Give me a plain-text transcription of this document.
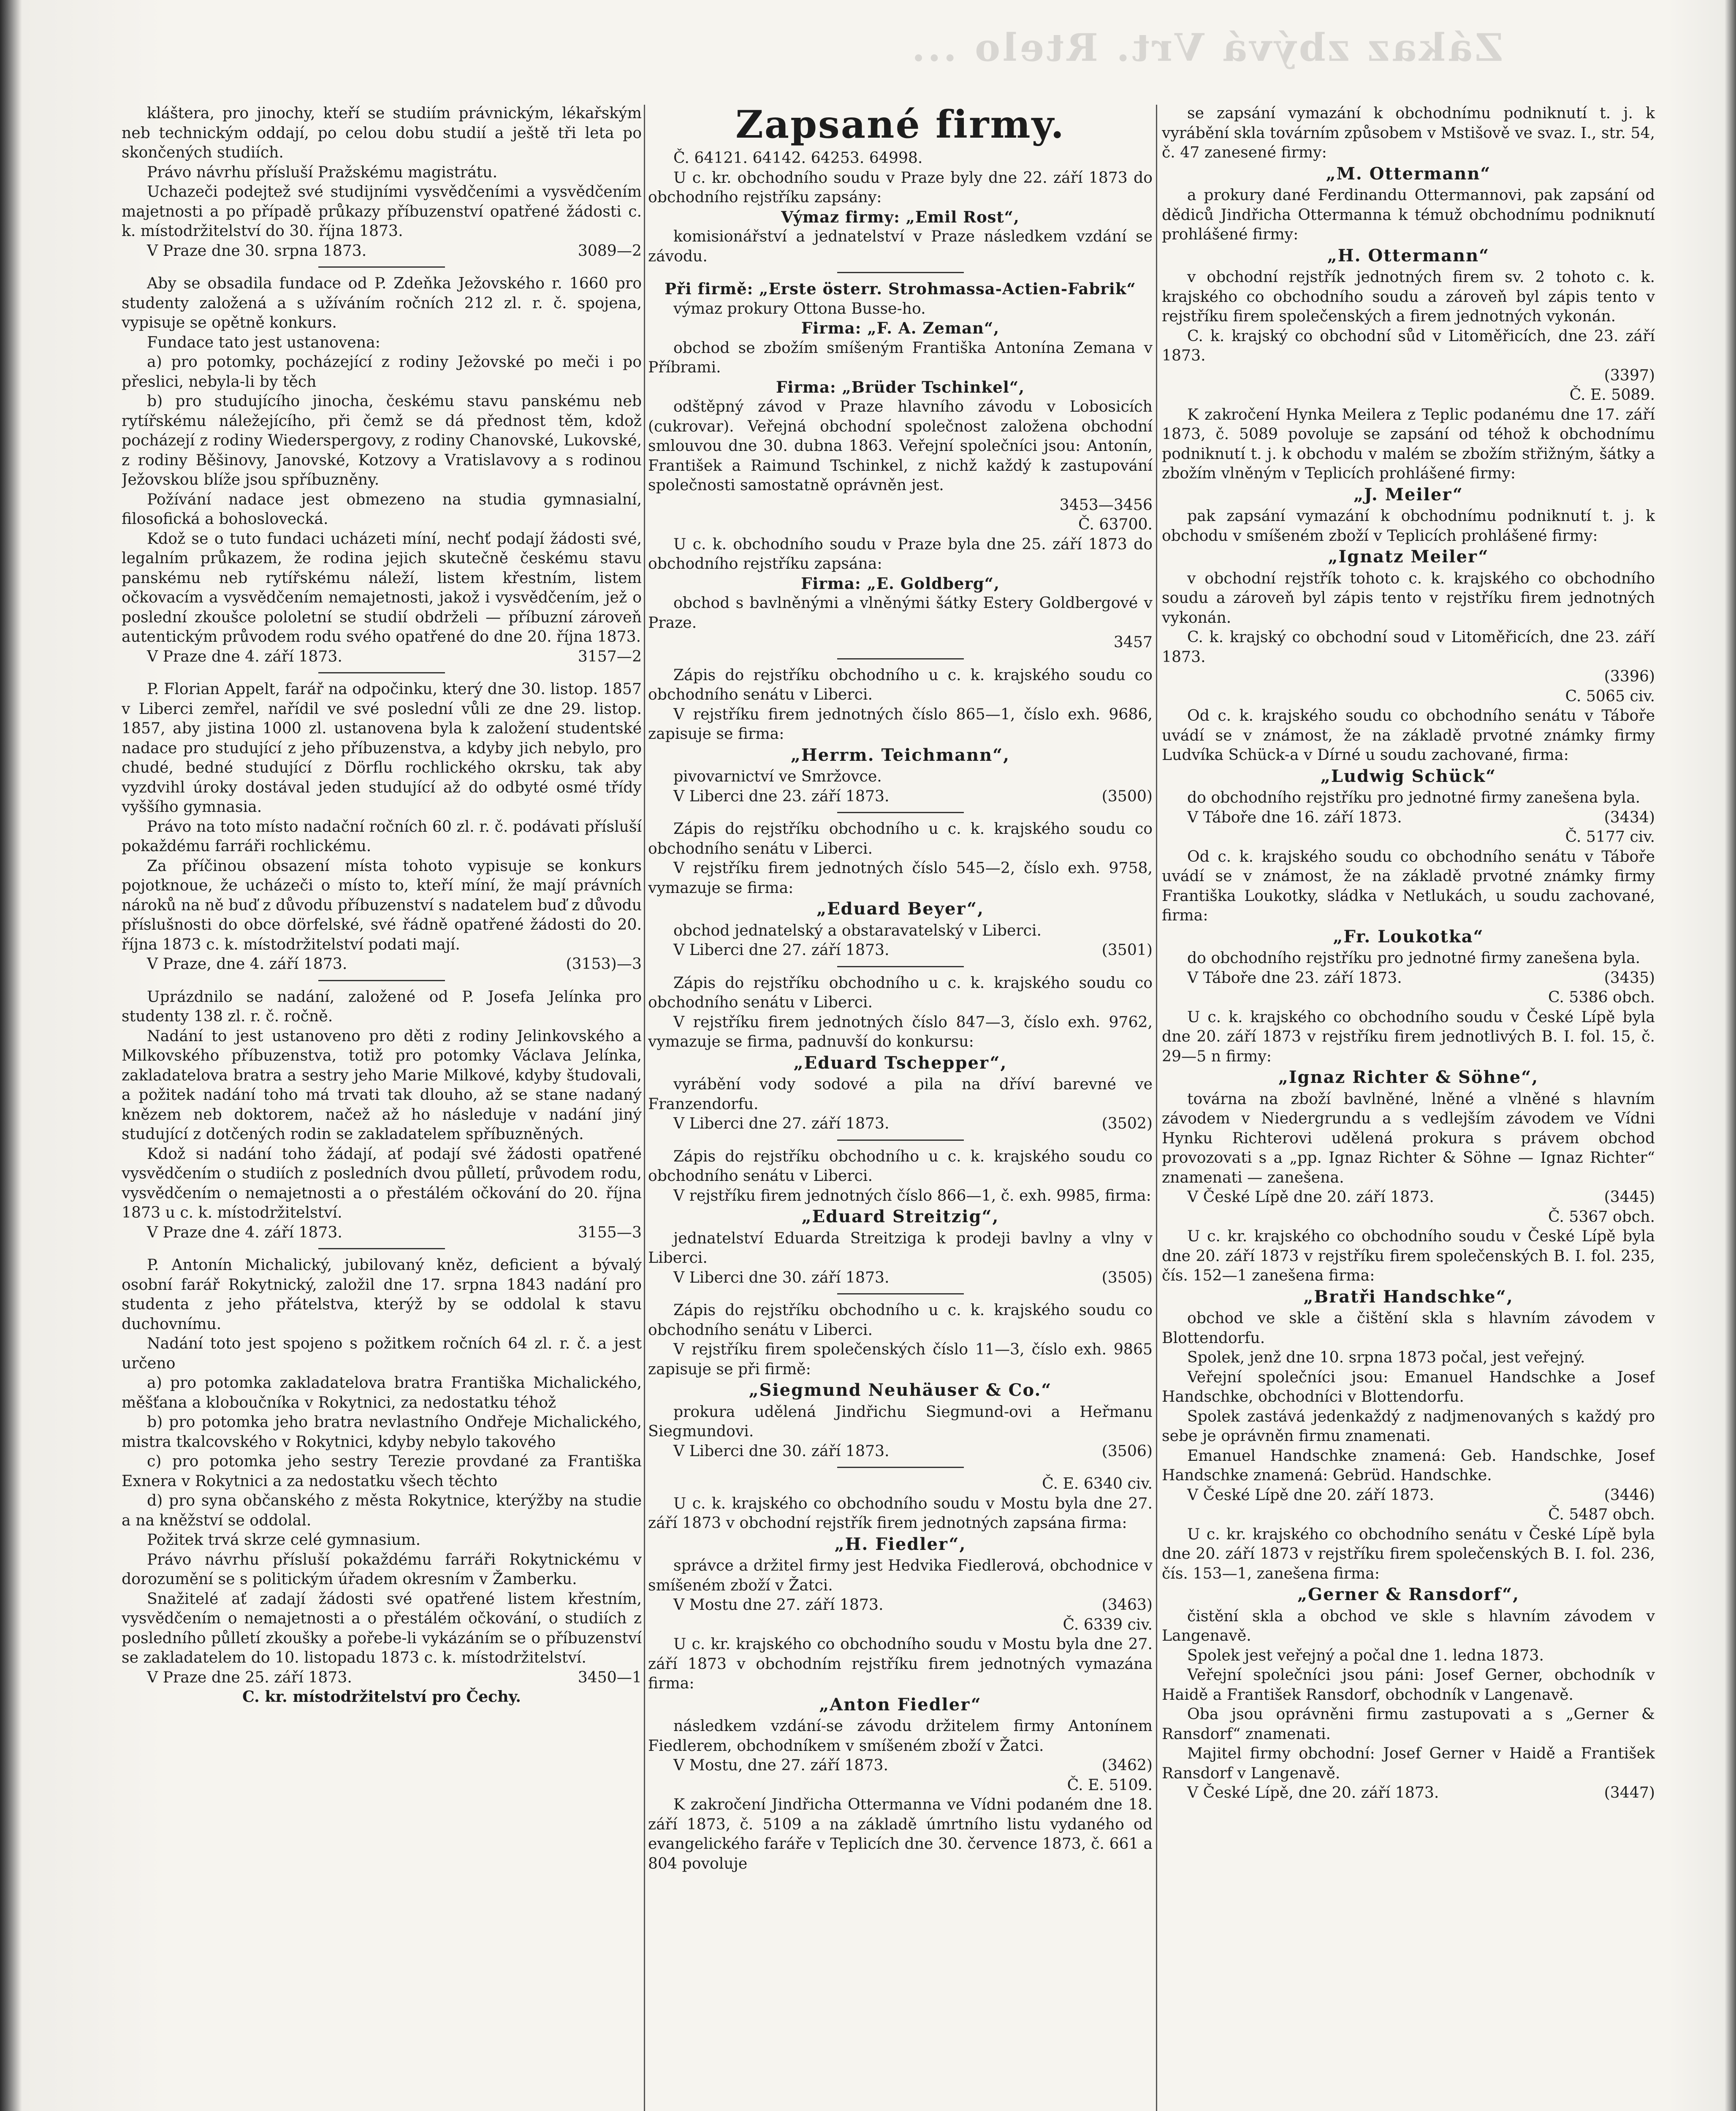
Zákaz zbývá Vrt. Rtelo ...

kláštera, pro jinochy, kteří se studiím právnickým, lékařským neb technickým oddají, po celou dobu studií a ještě tři leta po skončených studiích.

Právo návrhu přísluší Pražskému magistrátu.

Uchazeči podejtež své studijními vysvědčeními a vysvědčením majetnosti a po případě průkazy příbuzenství opatřené žádosti c. k. místodržitelství do 30. října 1873.

V Praze dne 30. srpna 1873.	3089—2

Aby se obsadila fundace od P. Zdeňka Ježovského r. 1660 pro studenty založená a s užíváním ročních 212 zl. r. č. spojena, vypisuje se opětně konkurs.

Fundace tato jest ustanovena:

a) pro potomky, pocházející z rodiny Ježovské po meči i po přeslici, nebyla-li by těch

b) pro studujícího jinocha, českému stavu panskému neb rytířskému náležejícího, při čemž se dá přednost těm, kdož pocházejí z rodiny Wiederspergovy, z rodiny Chanovské, Lukovské, z rodiny Běšinovy, Janovské, Kotzovy a Vratislavovy a s rodinou Ježovskou blíže jsou spříbuzněny.

Požívání nadace jest obmezeno na studia gymnasialní, filosofická a bohoslovecká.

Kdož se o tuto fundaci ucházeti míní, nechť podají žádosti své, legalním průkazem, že rodina jejich skutečně českému stavu panskému neb rytířskému náleží, listem křestním, listem očkovacím a vysvědčením nemajetnosti, jakož i vysvědčením, jež o poslední zkoušce pololetní se studií obdrželi — příbuzní zároveň autentickým průvodem rodu svého opatřené do dne 20. října 1873.

V Praze dne 4. září 1873.	3157—2

P. Florian Appelt, farář na odpočinku, který dne 30. listop. 1857 v Liberci zemřel, nařídil ve své poslední vůli ze dne 29. listop. 1857, aby jistina 1000 zl. ustanovena byla k založení studentské nadace pro studující z jeho příbuzenstva, a kdyby jich nebylo, pro chudé, bedné studující z Dörflu rochlického okrsku, tak aby vyzdvihl úroky dostával jeden studující až do odbyté osmé třídy vyššího gymnasia.

Právo na toto místo nadační ročních 60 zl. r. č. podávati přísluší pokaždému farráři rochlickému.

Za příčinou obsazení místa tohoto vypisuje se konkurs pojotknoue, že ucházeči o místo to, kteří míní, že mají právních nároků na ně buď z důvodu příbuzenství s nadatelem buď z důvodu příslušnosti do obce dörfelské, své řádně opatřené žádosti do 20. října 1873 c. k. místodržitelství podati mají.

V Praze, dne 4. září 1873.	(3153)—3

Uprázdnilo se nadání, založené od P. Josefa Jelínka pro studenty 138 zl. r. č. ročně.

Nadání to jest ustanoveno pro děti z rodiny Jelinkovského a Milkovského příbuzenstva, totiž pro potomky Václava Jelínka, zakladatelova bratra a sestry jeho Marie Milkové, kdyby študovali, a požitek nadání toho má trvati tak dlouho, až se stane nadaný knězem neb doktorem, načež až ho následuje v nadání jiný studující z dotčených rodin se zakladatelem spříbuzněných.

Kdož si nadání toho žádají, ať podají své žádosti opatřené vysvědčením o studiích z posledních dvou půlletí, průvodem rodu, vysvědčením o nemajetnosti a o přestálém očkování do 20. října 1873 u c. k. místodržitelství.

V Praze dne 4. září 1873.	3155—3

P. Antonín Michalický, jubilovaný kněz, deficient a bývalý osobní farář Rokytnický, založil dne 17. srpna 1843 nadání pro studenta z jeho přátelstva, kterýž by se oddolal k stavu duchovnímu.

Nadání toto jest spojeno s požitkem ročních 64 zl. r. č. a jest určeno

a) pro potomka zakladatelova bratra Františka Michalického, měšťana a kloboučníka v Rokytnici, za nedostatku téhož

b) pro potomka jeho bratra nevlastního Ondřeje Michalického, mistra tkalcovského v Rokytnici, kdyby nebylo takového

c) pro potomka jeho sestry Terezie provdané za Františka Exnera v Rokytnici a za nedostatku všech těchto

d) pro syna občanského z města Rokytnice, kterýžby na studie a na kněžství se oddolal.

Požitek trvá skrze celé gymnasium.

Právo návrhu přísluší pokaždému farráři Rokytnickému v dorozumění se s politickým úřadem okresním v Žamberku.

Snažitelé ať zadají žádosti své opatřené listem křestním, vysvědčením o nemajetnosti a o přestálém očkování, o studiích z posledního půlletí zkoušky a pořebe-li vykázáním se o příbuzenství se zakladatelem do 10. listopadu 1873 c. k. místodržitelství.

V Praze dne 25. září 1873.	3450—1

C. kr. místodržitelství pro Čechy.

Zapsané firmy.

Č. 64121. 64142. 64253. 64998.

U c. kr. obchodního soudu v Praze byly dne 22. září 1873 do obchodního rejstříku zapsány:

Výmaz firmy: „Emil Rost“,

komisionářství a jednatelství v Praze následkem vzdání se závodu.

Při firmě: „Erste österr. Strohmassa-Actien-Fabrik“

výmaz prokury Ottona Busse-ho.

Firma: „F. A. Zeman“,

obchod se zbožím smíšeným Františka Antonína Zemana v Příbrami.

Firma: „Brüder Tschinkel“,

odštěpný závod v Praze hlavního závodu v Lobosicích (cukrovar). Veřejná obchodní společnost založena obchodní smlouvou dne 30. dubna 1863. Veřejní společníci jsou: Antonín, František a Raimund Tschinkel, z nichž každý k zastupování společnosti samostatně oprávněn jest.

3453—3456

Č. 63700.

U c. k. obchodního soudu v Praze byla dne 25. září 1873 do obchodního rejstříku zapsána:

Firma: „E. Goldberg“,

obchod s bavlněnými a vlněnými šátky Estery Goldbergové v Praze.

3457

Zápis do rejstříku obchodního u c. k. krajského soudu co obchodního senátu v Liberci.

V rejstříku firem jednotných číslo 865—1, číslo exh. 9686, zapisuje se firma:

„Herrm. Teichmann“,

pivovarnictví ve Smržovce.

V Liberci dne 23. září 1873.	(3500)

Zápis do rejstříku obchodního u c. k. krajského soudu co obchodního senátu v Liberci.

V rejstříku firem jednotných číslo 545—2, číslo exh. 9758, vymazuje se firma:

„Eduard Beyer“,

obchod jednatelský a obstaravatelský v Liberci.

V Liberci dne 27. září 1873.	(3501)

Zápis do rejstříku obchodního u c. k. krajského soudu co obchodního senátu v Liberci.

V rejstříku firem jednotných číslo 847—3, číslo exh. 9762, vymazuje se firma, padnuvší do konkursu:

„Eduard Tschepper“,

vyrábění vody sodové a pila na dříví barevné ve Franzendorfu.

V Liberci dne 27. září 1873.	(3502)

Zápis do rejstříku obchodního u c. k. krajského soudu co obchodního senátu v Liberci.

V rejstříku firem jednotných číslo 866—1, č. exh. 9985, firma:

„Eduard Streitzig“,

jednatelství Eduarda Streitziga k prodeji bavlny a vlny v Liberci.

V Liberci dne 30. září 1873.	(3505)

Zápis do rejstříku obchodního u c. k. krajského soudu co obchodního senátu v Liberci.

V rejstříku firem společenských číslo 11—3, číslo exh. 9865 zapisuje se při firmě:

„Siegmund Neuhäuser & Co.“

prokura udělená Jindřichu Siegmund-ovi a Heřmanu Siegmundovi.

V Liberci dne 30. září 1873.	(3506)

Č. E. 6340 civ.

U c. k. krajského co obchodního soudu v Mostu byla dne 27. září 1873 v obchodní rejstřík firem jednotných zapsána firma:

„H. Fiedler“,

správce a držitel firmy jest Hedvika Fiedlerová, obchodnice v smíšeném zboží v Žatci.

V Mostu dne 27. září 1873.	(3463)

Č. 6339 civ.

U c. kr. krajského co obchodního soudu v Mostu byla dne 27. září 1873 v obchodním rejstříku firem jednotných vymazána firma:

„Anton Fiedler“

následkem vzdání-se závodu držitelem firmy Antonínem Fiedlerem, obchodníkem v smíšeném zboží v Žatci.

V Mostu, dne 27. září 1873.	(3462)

Č. E. 5109.

K zakročení Jindřicha Ottermanna ve Vídni podaném dne 18. září 1873, č. 5109 a na základě úmrtního listu vydaného od evangelického faráře v Teplicích dne 30. července 1873, č. 661 a 804 povoluje

se zapsání vymazání k obchodnímu podniknutí t. j. k vyrábění skla továrním způsobem v Mstišově ve svaz. I., str. 54, č. 47 zanesené firmy:

„M. Ottermann“

a prokury dané Ferdinandu Ottermannovi, pak zapsání od dědiců Jindřicha Ottermanna k témuž obchodnímu podniknutí prohlášené firmy:

„H. Ottermann“

v obchodní rejstřík jednotných firem sv. 2 tohoto c. k. krajského co obchodního soudu a zároveň byl zápis tento v rejstříku firem společenských a firem jednotných vykonán.

C. k. krajský co obchodní sůd v Litoměřicích, dne 23. září 1873.

(3397)

Č. E. 5089.

K zakročení Hynka Meilera z Teplic podanému dne 17. září 1873, č. 5089 povoluje se zapsání od téhož k obchodnímu podniknutí t. j. k obchodu v malém se zbožím střižným, šátky a zbožím vlněným v Teplicích prohlášené firmy:

„J. Meiler“

pak zapsání vymazání k obchodnímu podniknutí t. j. k obchodu v smíšeném zboží v Teplicích prohlášené firmy:

„Ignatz Meiler“

v obchodní rejstřík tohoto c. k. krajského co obchodního soudu a zároveň byl zápis tento v rejstříku firem jednotných vykonán.

C. k. krajský co obchodní soud v Litoměřicích, dne 23. září 1873.

(3396)

C. 5065 civ.

Od c. k. krajského soudu co obchodního senátu v Táboře uvádí se v známost, že na základě prvotné známky firmy Ludvíka Schück-a v Dírné u soudu zachované, firma:

„Ludwig Schück“

do obchodního rejstříku pro jednotné firmy zanešena byla.

V Táboře dne 16. září 1873.	(3434)

Č. 5177 civ.

Od c. k. krajského soudu co obchodního senátu v Táboře uvádí se v známost, že na základě prvotné známky firmy Františka Loukotky, sládka v Netlukách, u soudu zachované, firma:

„Fr. Loukotka“

do obchodního rejstříku pro jednotné firmy zanešena byla.

V Táboře dne 23. září 1873.	(3435)

C. 5386 obch.

U c. k. krajského co obchodního soudu v České Lípě byla dne 20. září 1873 v rejstříku firem jednotlivých B. I. fol. 15, č. 29—5 n firmy:

„Ignaz Richter & Söhne“,

továrna na zboží bavlněné, lněné a vlněné s hlavním závodem v Niedergrundu a s vedlejším závodem ve Vídni Hynku Richterovi udělená prokura s právem obchod provozovati s a „pp. Ignaz Richter & Söhne — Ignaz Richter“ znamenati — zanešena.

V České Lípě dne 20. září 1873.	(3445)

Č. 5367 obch.

U c. kr. krajského co obchodního soudu v České Lípě byla dne 20. září 1873 v rejstříku firem společenských B. I. fol. 235, čís. 152—1 zanešena firma:

„Bratři Handschke“,

obchod ve skle a čištění skla s hlavním závodem v Blottendorfu.

Spolek, jenž dne 10. srpna 1873 počal, jest veřejný.

Veřejní společníci jsou: Emanuel Handschke a Josef Handschke, obchodníci v Blottendorfu.

Spolek zastává jedenkaždý z nadjmenovaných s každý pro sebe je oprávněn firmu znamenati.

Emanuel Handschke znamená: Geb. Handschke, Josef Handschke znamená: Gebrüd. Handschke.

V České Lípě dne 20. září 1873.	(3446)

Č. 5487 obch.

U c. kr. krajského co obchodního senátu v České Lípě byla dne 20. září 1873 v rejstříku firem společenských B. I. fol. 236, čís. 153—1, zanešena firma:

„Gerner & Ransdorf“,

čistění skla a obchod ve skle s hlavním závodem v Langenavě.

Spolek jest veřejný a počal dne 1. ledna 1873.

Veřejní společníci jsou páni: Josef Gerner, obchodník v Haidě a František Ransdorf, obchodník v Langenavě.

Oba jsou oprávněni firmu zastupovati a s „Gerner & Ransdorf“ znamenati.

Majitel firmy obchodní: Josef Gerner v Haidě a František Ransdorf v Langenavě.

V České Lípě, dne 20. září 1873.	(3447)
